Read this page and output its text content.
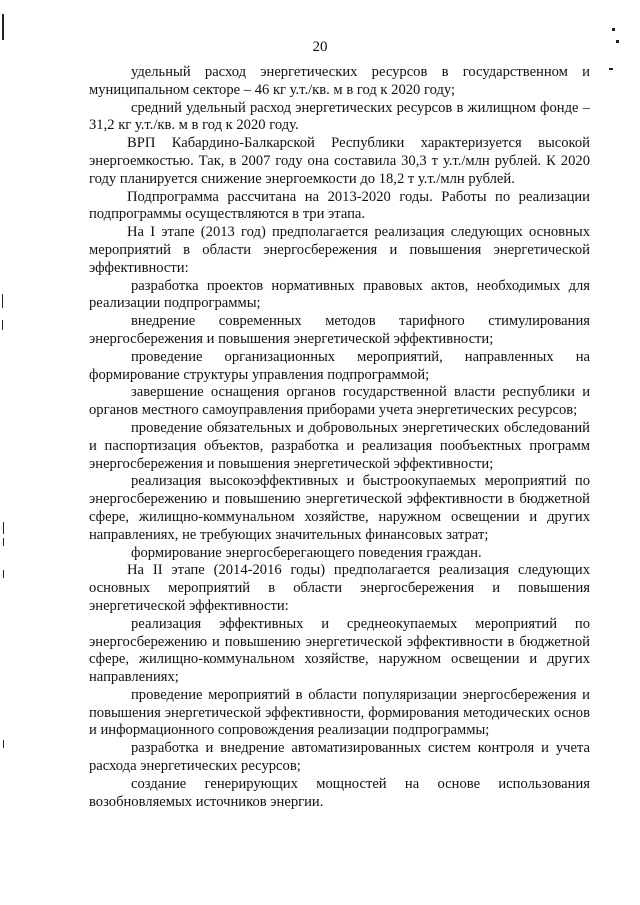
20

удельный расход энергетических ресурсов в государственном и муниципальном секторе – 46 кг у.т./кв. м в год к 2020 году;

средний удельный расход энергетических ресурсов в жилищном фонде – 31,2 кг у.т./кв. м в год к 2020 году.

ВРП Кабардино-Балкарской Республики характеризуется высокой энергоемкостью. Так, в 2007 году она составила 30,3 т у.т./млн рублей. К 2020 году планируется снижение энергоемкости до 18,2 т у.т./млн рублей.

Подпрограмма рассчитана на 2013-2020 годы. Работы по реализации подпрограммы осуществляются в три этапа.

На I этапе (2013 год) предполагается реализация следующих основных мероприятий в области энергосбережения и повышения энергетической эффективности:

разработка проектов нормативных правовых актов, необходимых для реализации подпрограммы;

внедрение современных методов тарифного стимулирования энергосбережения и повышения энергетической эффективности;

проведение организационных мероприятий, направленных на формирование структуры управления подпрограммой;

завершение оснащения органов государственной власти республики и органов местного самоуправления приборами учета энергетических ресурсов;

проведение обязательных и добровольных энергетических обследований и паспортизация объектов, разработка и реализация пообъектных программ энергосбережения и повышения энергетической эффективности;

реализация высокоэффективных и быстроокупаемых мероприятий по энергосбережению и повышению энергетической эффективности в бюджетной сфере, жилищно-коммунальном хозяйстве, наружном освещении и других направлениях, не требующих значительных финансовых затрат;

формирование энергосберегающего поведения граждан.

На II этапе (2014-2016 годы) предполагается реализация следующих основных мероприятий в области энергосбережения и повышения энергетической эффективности:

реализация эффективных и среднеокупаемых мероприятий по энергосбережению и повышению энергетической эффективности в бюджетной сфере, жилищно-коммунальном хозяйстве, наружном освещении и других направлениях;

проведение мероприятий в области популяризации энергосбережения и повышения энергетической эффективности, формирования методических основ и информационного сопровождения реализации подпрограммы;

разработка и внедрение автоматизированных систем контроля и учета расхода энергетических ресурсов;

создание генерирующих мощностей на основе использования возобновляемых источников энергии.
